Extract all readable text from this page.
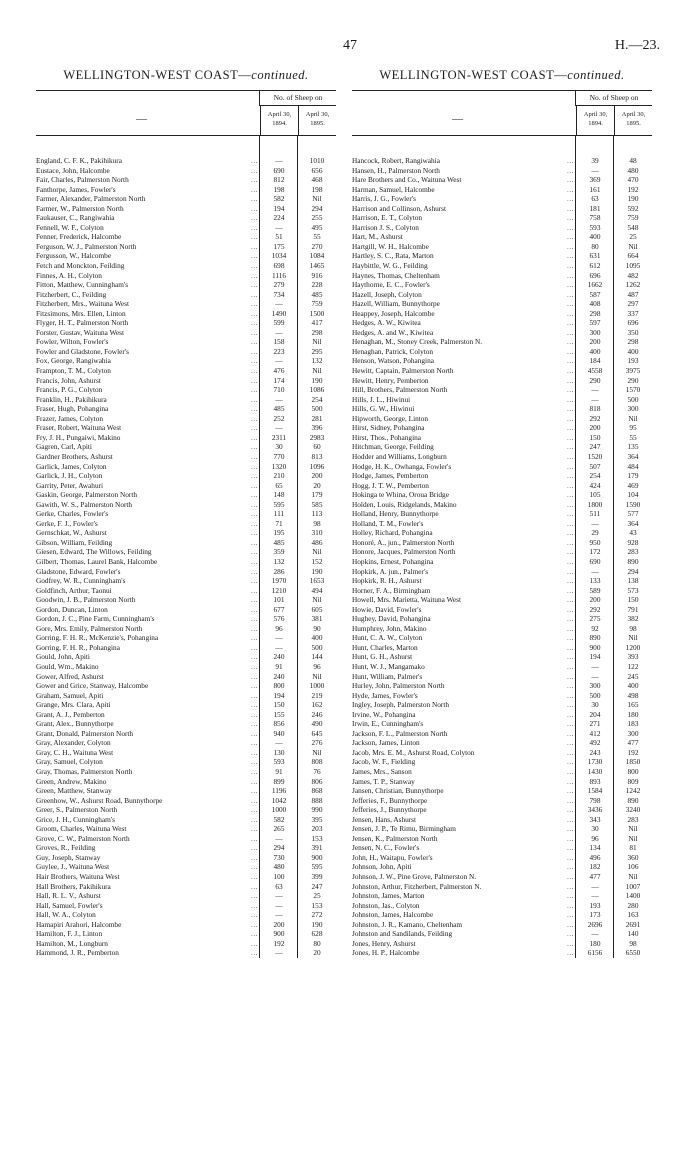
47	H.—23.
WELLINGTON-WEST COAST—continued.	WELLINGTON-WEST COAST—continued.
—
No. of Sheep on
April 30, 1894.
April 30, 1895.
England, C. F. K., Pakihikura	—	1010
...
Eustace, John, Halcombe	690	656
...
Fair, Charles, Palmerston North	812	468
...
Fanthorpe, James, Fowler's	198	198
...
Farmer, Alexander, Palmerston North	582	Nil
...
Farmer, W., Palmerston North	194	294
...
Faukauser, C., Rangiwahia	224	255
...
Fennell, W. F., Colyton	—	495
...
Fenner, Frederick, Halcombe	51	55
...
Ferguson, W. J., Palmerston North	175	270
...
Fergusson, W., Halcombe	1034	1084
...
Fetch and Monckton, Feilding	698	1465
...
Finnes, A. H., Colyton	1116	916
...
Fitton, Matthew, Cunningham's	279	228
...
Fitzherbert, C., Feilding	734	485
...
Fitzherbert, Mrs., Waituna West	—	759
...
Fitzsimons, Mrs. Ellen, Linton	1490	1500
...
Flyger, H. T., Palmerston North	599	417
...
Forster, Gustav, Waituna West	—	298
...
Fowler, Wilton, Fowler's	158	Nil
...
Fowler and Gladstone, Fowler's	223	295
...
Fox, George, Rangiwahia	—	132
...
Frampton, T. M., Colyton	476	Nil
...
Francis, John, Ashurst	174	190
...
Francis, P. G., Colyton	710	1086
...
Franklin, H., Pakihikura	—	254
...
Fraser, Hugh, Pohangina	485	500
...
Frazer, James, Colyton	252	281
...
Fraser, Robert, Waituna West	—	396
...
Fry, J. H., Pungaiwi, Makino	2311	2983
...
Gagren, Carl, Apiti	30	60
...
Gardner Brothers, Ashurst	770	813
...
Garlick, James, Colyton	1320	1096
...
Garlick, J. H., Colyton	210	200
...
Garrity, Peter, Awahuri	65	20
...
Gaskin, George, Palmerston North	148	179
...
Gawith, W. S., Palmerston North	595	585
...
Gerke, Charles, Fowler's	111	113
...
Gerke, F. J., Fowler's	71	98
...
Gernschkat, W., Ashurst	195	310
...
Gibson, William, Feilding	485	486
...
Giesen, Edward, The Willows, Feilding	359	Nil
...
Gilbert, Thomas, Laurel Bank, Halcombe	132	152
...
Gladstone, Edward, Fowler's	286	190
...
Godfrey, W. R., Cunningham's	1970	1653
...
Goldfinch, Arthur, Taonui	1210	494
...
Goodwin, J. B., Palmerston North	101	Nil
...
Gordon, Duncan, Linton	677	605
...
Gordon, J. C., Pine Farm, Cunningham's	576	381
...
Gore, Mrs. Emily, Palmerston North	96	90
...
Gorring, F. H. R., McKenzie's, Pohangina	—	400
...
Gorring, F. H. R., Pohangina	—	500
...
Gould, John, Apiti	240	144
...
Gould, Wm., Makino	91	96
...
Gower, Alfred, Ashurst	240	Nil
...
Gower and Grice, Stanway, Halcombe	800	1000
...
Graham, Samuel, Apiti	194	219
...
Grange, Mrs. Clara, Apiti	150	162
...
Grant, A. J., Pemberton	155	246
...
Grant, Alex., Bunnythorpe	856	490
...
Grant, Donald, Palmerston North	940	645
...
Gray, Alexander, Colyton	—	276
...
Gray, C. H., Waituna West	130	Nil
...
Gray, Samuel, Colyton	593	808
...
Gray, Thomas, Palmerston North	91	76
...
Green, Andrew, Makino	899	806
...
Green, Matthew, Stanway	1196	868
...
Greenhow, W., Ashurst Road, Bunnythorpe	1042	888
...
Greer, S., Palmerston North	1000	990
...
Grice, J. H., Cunningham's	582	395
...
Groom, Charles, Waituna West	265	203
...
Grove, C. W., Palmerston North	—	153
...
Groves, R., Feilding	294	391
...
Guy, Joseph, Stanway	730	900
...
Guylee, J., Waituna West	480	595
...
Hair Brothers, Waituna West	100	399
...
Hall Brothers, Pakihikura	63	247
...
Hall, R. L. V., Ashurst	—	25
...
Hall, Samuel, Fowler's	—	153
...
Hall, W. A., Colyton	—	272
...
Hamapiri Arahori, Halcombe	200	190
...
Hamilton, F. J., Linton	900	628
...
Hamilton, M., Longburn	192	80
...
Hammond, J. R., Pemberton	—	20
...
—
No. of Sheep on
April 30, 1894.
April 30, 1895.
Hancock, Robert, Rangiwahia	39	48
...
Hansen, H., Palmerston North	—	480
...
Hare Brothers and Co., Waituna West	369	470
...
Harman, Samuel, Halcombe	161	192
...
Harris, J. G., Fowler's	63	190
...
Harrison and Collinson, Ashurst	181	592
...
Harrison, E. T., Colyton	758	759
...
Harrison J. S., Colyton	593	548
...
Hart, M., Ashurst	400	25
...
Hartgill, W. H., Halcombe	80	Nil
...
Hartley, S. C., Rata, Marton	631	664
...
Haybittle, W. G., Feilding	612	1095
...
Haynes, Thomas, Cheltenham	696	482
...
Haythorne, E. C., Fowler's	1662	1262
...
Hazell, Joseph, Colyton	587	487
...
Hazell, William, Bunnythorpe	408	297
...
Heappey, Joseph, Halcombe	298	337
...
Hedges, A. W., Kiwitea	597	696
...
Hedges, A. and W., Kiwitea	300	350
...
Henaghan, M., Stoney Creek, Palmerston N.	200	298
...
Henaghan, Patrick, Colyton	400	400
...
Henson, Watson, Pohangina	184	193
...
Hewitt, Captain, Palmerston North	4558	3975
...
Hewitt, Henry, Pemberton	290	290
...
Hill, Brothers, Palmerston North	—	1570
...
Hills, J. L., Hiwinui	—	500
...
Hills, G. W., Hiwinui	818	300
...
Hipworth, George, Linton	292	Nil
...
Hirst, Sidney, Pohangina	200	95
...
Hirst, Thos., Pohangina	150	55
...
Hitchman, George, Feilding	247	135
...
Hodder and Williams, Longburn	1520	364
...
Hodge, H. K., Owhanga, Fowler's	507	484
...
Hodge, James, Pemberton	254	179
...
Hogg, J. T. W., Pemberton	424	469
...
Hokinga te Whina, Oroua Bridge	105	104
...
Holden, Louis, Ridgelands, Makino	1800	1590
...
Holland, Henry, Bunnythorpe	511	577
...
Holland, T. M., Fowler's	—	364
...
Holley, Richard, Pohangina	29	43
...
Honoré, A., jun., Palmerston North	950	928
...
Honore, Jacques, Palmerston North	172	283
...
Hopkins, Ernest, Pohangina	690	890
...
Hopkirk, A. jun., Palmer's	—	294
...
Hopkirk, R. H., Ashurst	133	138
...
Horner, F. A., Birmingham	589	573
...
Howell, Mrs. Marietta, Waituna West	200	150
...
Howie, David, Fowler's	292	791
...
Hughey, David, Pohangina	275	382
...
Humphrey, John, Makino	92	98
...
Hunt, C. A. W., Colyton	890	Nil
...
Hunt, Charles, Marton	900	1200
...
Hunt, G. H., Ashurst	194	393
...
Hunt, W. J., Mangamako	—	122
...
Hunt, William, Palmer's	—	245
...
Hurley, John, Palmerston North	300	400
...
Hyde, James, Fowler's	500	498
...
Ingley, Joseph, Palmerston North	30	165
...
Irvine, W., Pohangina	204	180
...
Irwin, E., Cunningham's	271	183
...
Jackson, F. L., Palmerston North	412	300
...
Jackson, James, Linton	492	477
...
Jacob, Mrs. E. M., Ashurst Road, Colyton	243	192
...
Jacob, W. F., Fielding	1730	1850
...
James, Mrs., Sanson	1430	800
...
James, T. P., Stanway	893	809
...
Jansen, Christian, Bunnythorpe	1584	1242
...
Jefferies, F., Bunnythorpe	798	890
...
Jefferies, J., Bunnythorpe	3436	3240
...
Jensen, Hans, Ashurst	343	283
...
Jensen, J. P., Te Rimu, Birmingham	30	Nil
...
Jensen, K., Palmerston North	96	Nil
...
Jensen, N. C., Fowler's	134	81
...
John, H., Waitapu, Fowler's	496	360
...
Johnson, John, Apiti	182	106
...
Johnson, J. W., Pine Grove, Palmerston N.	477	Nil
...
Johnston, Arthur, Fitzherbert, Palmerston N.	—	1007
...
Johnston, James, Marton	—	1400
...
Johnston, Jas., Colyton	193	280
...
Johnston, James, Halcombe	173	163
...
Johnston, J. R., Kamano, Cheltenham	2696	2691
...
Johnston and Sandilands, Feilding	—	140
...
Jones, Henry, Ashurst	180	98
...
Jones, H. P., Halcombe	6156	6550
...
